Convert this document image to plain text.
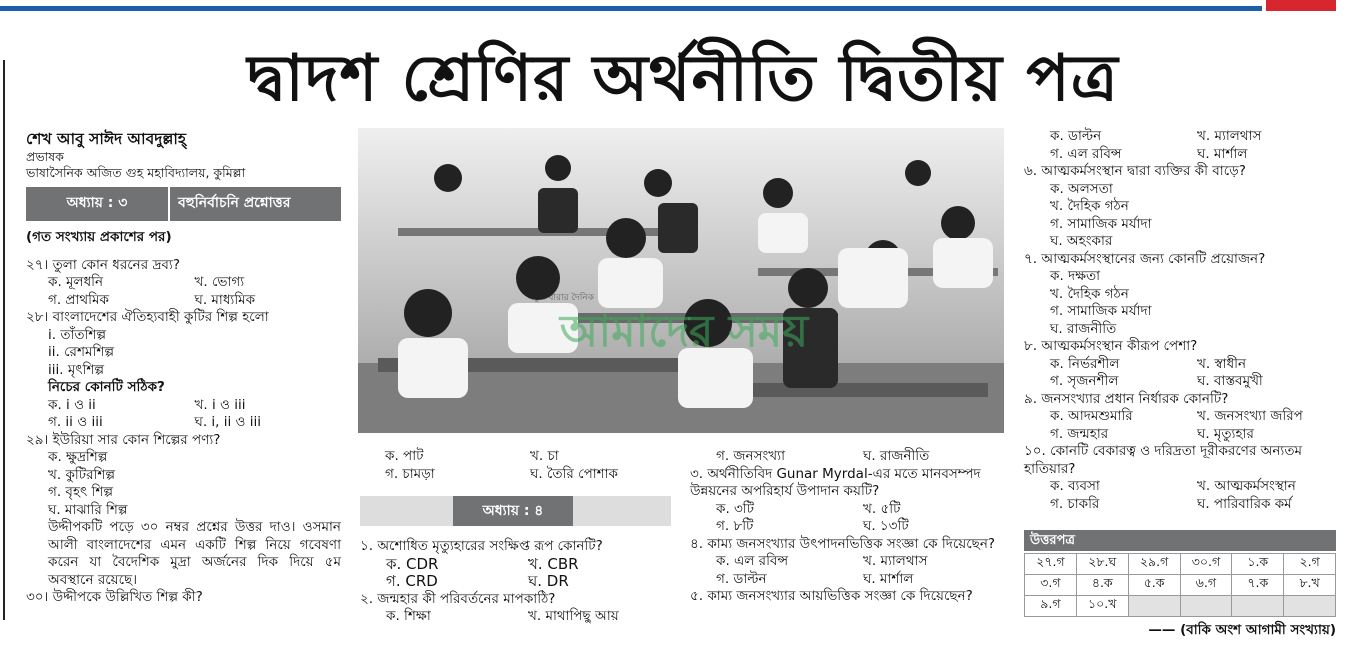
দ্বাদশ শ্রেণির অর্থনীতি দ্বিতীয় পত্র
শেখ আবু সাঈদ আবদুল্লাহ্‌
প্রভাষক
ভাষাসৈনিক অজিত গুহ মহাবিদ্যালয়, কুমিল্লা
অধ্যায় : ৩	বহুনির্বাচনি প্রশ্নোত্তর
(গত সংখ্যায় প্রকাশের পর)
২৭। তুলা কোন ধরনের দ্রব্য?
ক. মূলধনি	খ. ভোগ্য
গ. প্রাথমিক	ঘ. মাধ্যমিক
২৮। বাংলাদেশের ঐতিহ্যবাহী কুটির শিল্প হলো
i. তাঁতশিল্প
ii. রেশমশিল্প
iii. মৃৎশিল্প
নিচের কোনটি সঠিক?
ক. i ও ii	খ. i ও iii
গ. ii ও iii	ঘ. i, ii ও iii
২৯। ইউরিয়া সার কোন শিল্পের পণ্য?
ক. ক্ষুদ্রশিল্প
খ. কুটিরশিল্প
গ. বৃহৎ শিল্প
ঘ. মাঝারি শিল্প
উদ্দীপকটি পড়ে ৩০ নম্বর প্রশ্নের উত্তর দাও। ওসমান আলী বাংলাদেশের এমন একটি শিল্প নিয়ে গবেষণা করেন যা বৈদেশিক মুদ্রা অর্জনের দিক দিয়ে ৫ম অবস্থানে রয়েছে।
৩০। উদ্দীপকে উল্লিখিত শিল্প কী?
নতুন ধারার দৈনিক
আমাদের সময়
ক. পাট	খ. চা
গ. চামড়া	ঘ. তৈরি পোশাক
অধ্যায় : ৪
১. অশোধিত মৃত্যুহারের সংক্ষিপ্ত রূপ কোনটি?
ক. CDR	খ. CBR
গ. CRD	ঘ. DR
২. জন্মহার কী পরিবর্তনের মাপকাঠি?
ক. শিক্ষা	খ. মাথাপিছু আয়
গ. জনসংখ্যা	ঘ. রাজনীতি
৩. অর্থনীতিবিদ Gunar Myrdal-এর মতে মানবসম্পদ উন্নয়নের অপরিহার্য উপাদান কয়টি?
ক. ৩টি	খ. ৫টি
গ. ৮টি	ঘ. ১৩টি
৪. কাম্য জনসংখ্যার উৎপাদনভিত্তিক সংজ্ঞা কে দিয়েছেন?
ক. এল রবিন্স	খ. ম্যালথাস
গ. ডাল্টন	ঘ. মার্শাল
৫. কাম্য জনসংখ্যার আয়ভিত্তিক সংজ্ঞা কে দিয়েছেন?
ক. ডাল্টন	খ. ম্যালথাস
গ. এল রবিন্স	ঘ. মার্শাল
৬. আত্মকর্মসংস্থান দ্বারা ব্যক্তির কী বাড়ে?
ক. অলসতা
খ. দৈহিক গঠন
গ. সামাজিক মর্যাদা
ঘ. অহংকার
৭. আত্মকর্মসংস্থানের জন্য কোনটি প্রয়োজন?
ক. দক্ষতা
খ. দৈহিক গঠন
গ. সামাজিক মর্যাদা
ঘ. রাজনীতি
৮. আত্মকর্মসংস্থান কীরূপ পেশা?
ক. নির্ভরশীল	খ. স্বাধীন
গ. সৃজনশীল	ঘ. বাস্তবমুখী
৯. জনসংখ্যার প্রধান নির্ধারক কোনটি?
ক. আদমশুমারি	খ. জনসংখ্যা জরিপ
গ. জন্মহার	ঘ. মৃত্যুহার
১০. কোনটি বেকারত্ব ও দরিদ্রতা দূরীকরণের অন্যতম হাতিয়ার?
ক. ব্যবসা	খ. আত্মকর্মসংস্থান
গ. চাকরি	ঘ. পারিবারিক কর্ম
উত্তরপত্র
২৭.গ	২৮.ঘ	২৯.গ	৩০.গ	১.ক	২.গ
৩.গ	৪.ক	৫.ক	৬.গ	৭.ক	৮.খ
৯.গ	১০.খ				
—— (বাকি অংশ আগামী সংখ্যায়)
